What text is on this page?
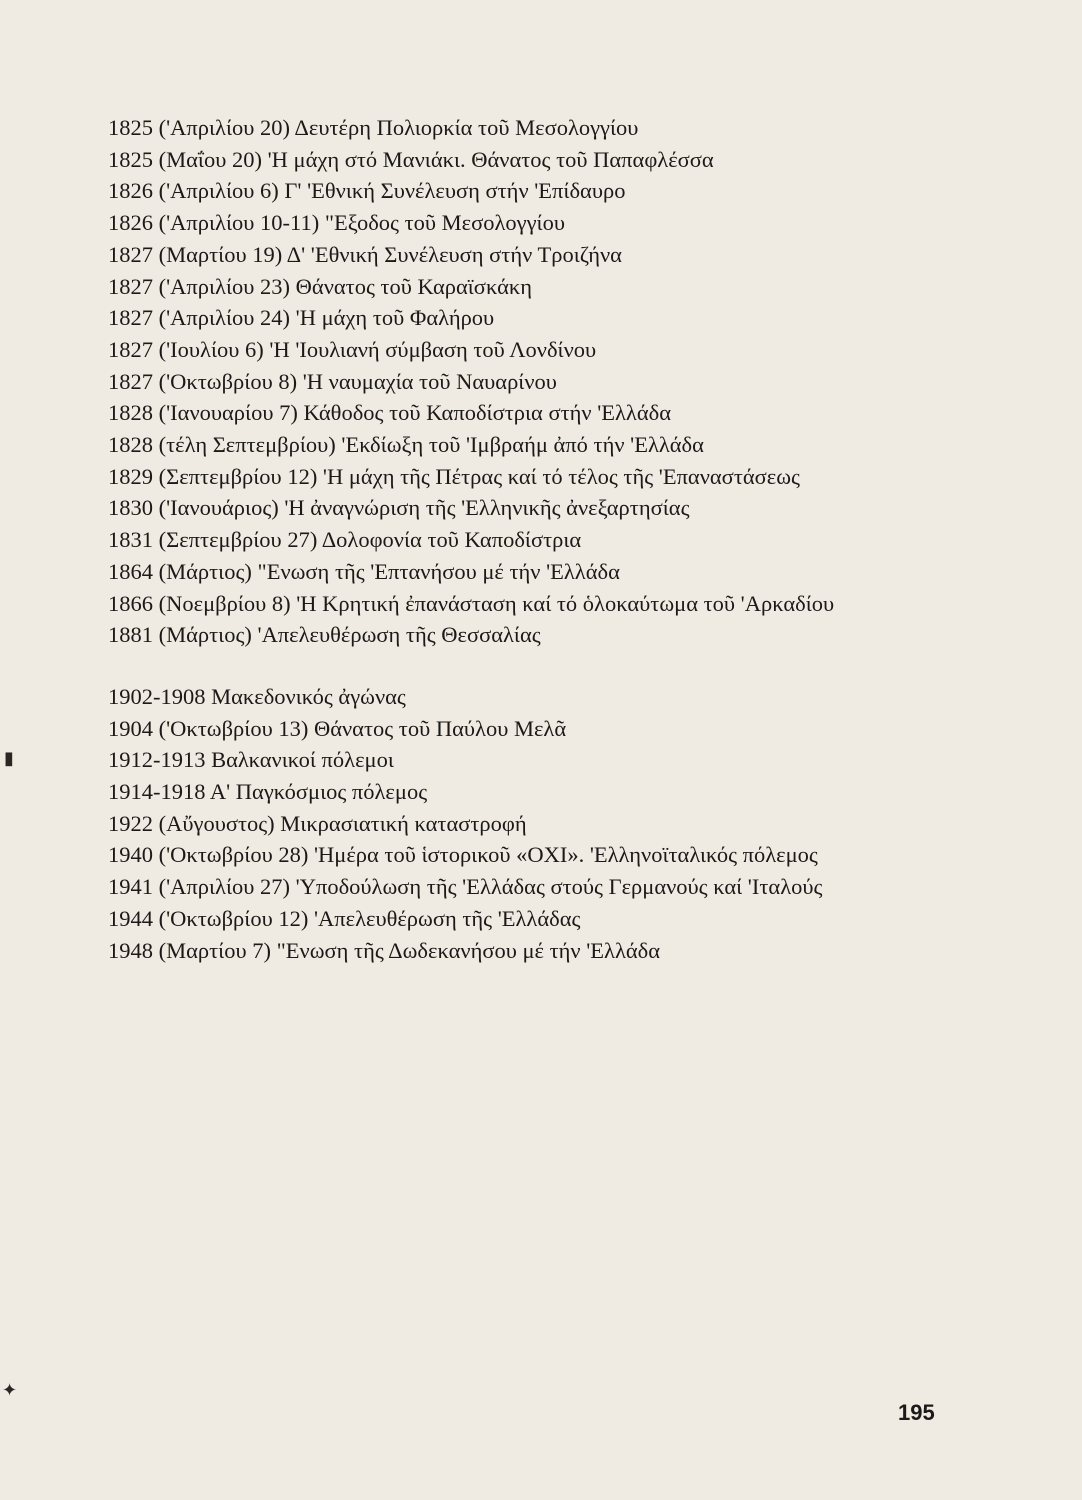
1825 ('Απριλίου 20) Δευτέρη Πολιορκία τοῦ Μεσολογγίου

1825 (Μαΐου 20) 'Η μάχη στό Μανιάκι. Θάνατος τοῦ Παπαφλέσσα

1826 ('Απριλίου 6) Γ' 'Εθνική Συνέλευση στήν 'Επίδαυρο

1826 ('Απριλίου 10-11) "Εξοδος τοῦ Μεσολογγίου

1827 (Μαρτίου 19) Δ' 'Εθνική Συνέλευση στήν Τροιζήνα

1827 ('Απριλίου 23) Θάνατος τοῦ Καραϊσκάκη

1827 ('Απριλίου 24) 'Η μάχη τοῦ Φαλήρου

1827 ('Ιουλίου 6) 'Η 'Ιουλιανή σύμβαση τοῦ Λονδίνου

1827 ('Οκτωβρίου 8) 'Η ναυμαχία τοῦ Ναυαρίνου

1828 ('Ιανουαρίου 7) Κάθοδος τοῦ Καποδίστρια στήν 'Ελλάδα

1828 (τέλη Σεπτεμβρίου) 'Εκδίωξη τοῦ 'Ιμβραήμ ἀπό τήν 'Ελλάδα

1829 (Σεπτεμβρίου 12) 'Η μάχη τῆς Πέτρας καί τό τέλος τῆς 'Επαναστάσεως

1830 ('Ιανουάριος) 'Η ἀναγνώριση τῆς 'Ελληνικῆς ἀνεξαρτησίας

1831 (Σεπτεμβρίου 27) Δολοφονία τοῦ Καποδίστρια

1864 (Μάρτιος) "Ενωση τῆς 'Επτανήσου μέ τήν 'Ελλάδα

1866 (Νοεμβρίου 8) 'Η Κρητική ἐπανάσταση καί τό ὁλοκαύτωμα τοῦ 'Αρκαδίου

1881 (Μάρτιος) 'Απελευθέρωση τῆς Θεσσαλίας

1902-1908 Μακεδονικός ἀγώνας

1904 ('Οκτωβρίου 13) Θάνατος τοῦ Παύλου Μελᾶ

1912-1913 Βαλκανικοί πόλεμοι

1914-1918 Α' Παγκόσμιος πόλεμος

1922 (Αὔγουστος) Μικρασιατική καταστροφή

1940 ('Οκτωβρίου 28) 'Ημέρα τοῦ ἱστορικοῦ «ΟΧΙ». 'Ελληνοϊταλικός πόλεμος

1941 ('Απριλίου 27) 'Υποδούλωση τῆς 'Ελλάδας στούς Γερμανούς καί 'Ιταλούς

1944 ('Οκτωβρίου 12) 'Απελευθέρωση τῆς 'Ελλάδας

1948 (Μαρτίου 7) "Ενωση τῆς Δωδεκανήσου μέ τήν 'Ελλάδα

▮
✦
195
